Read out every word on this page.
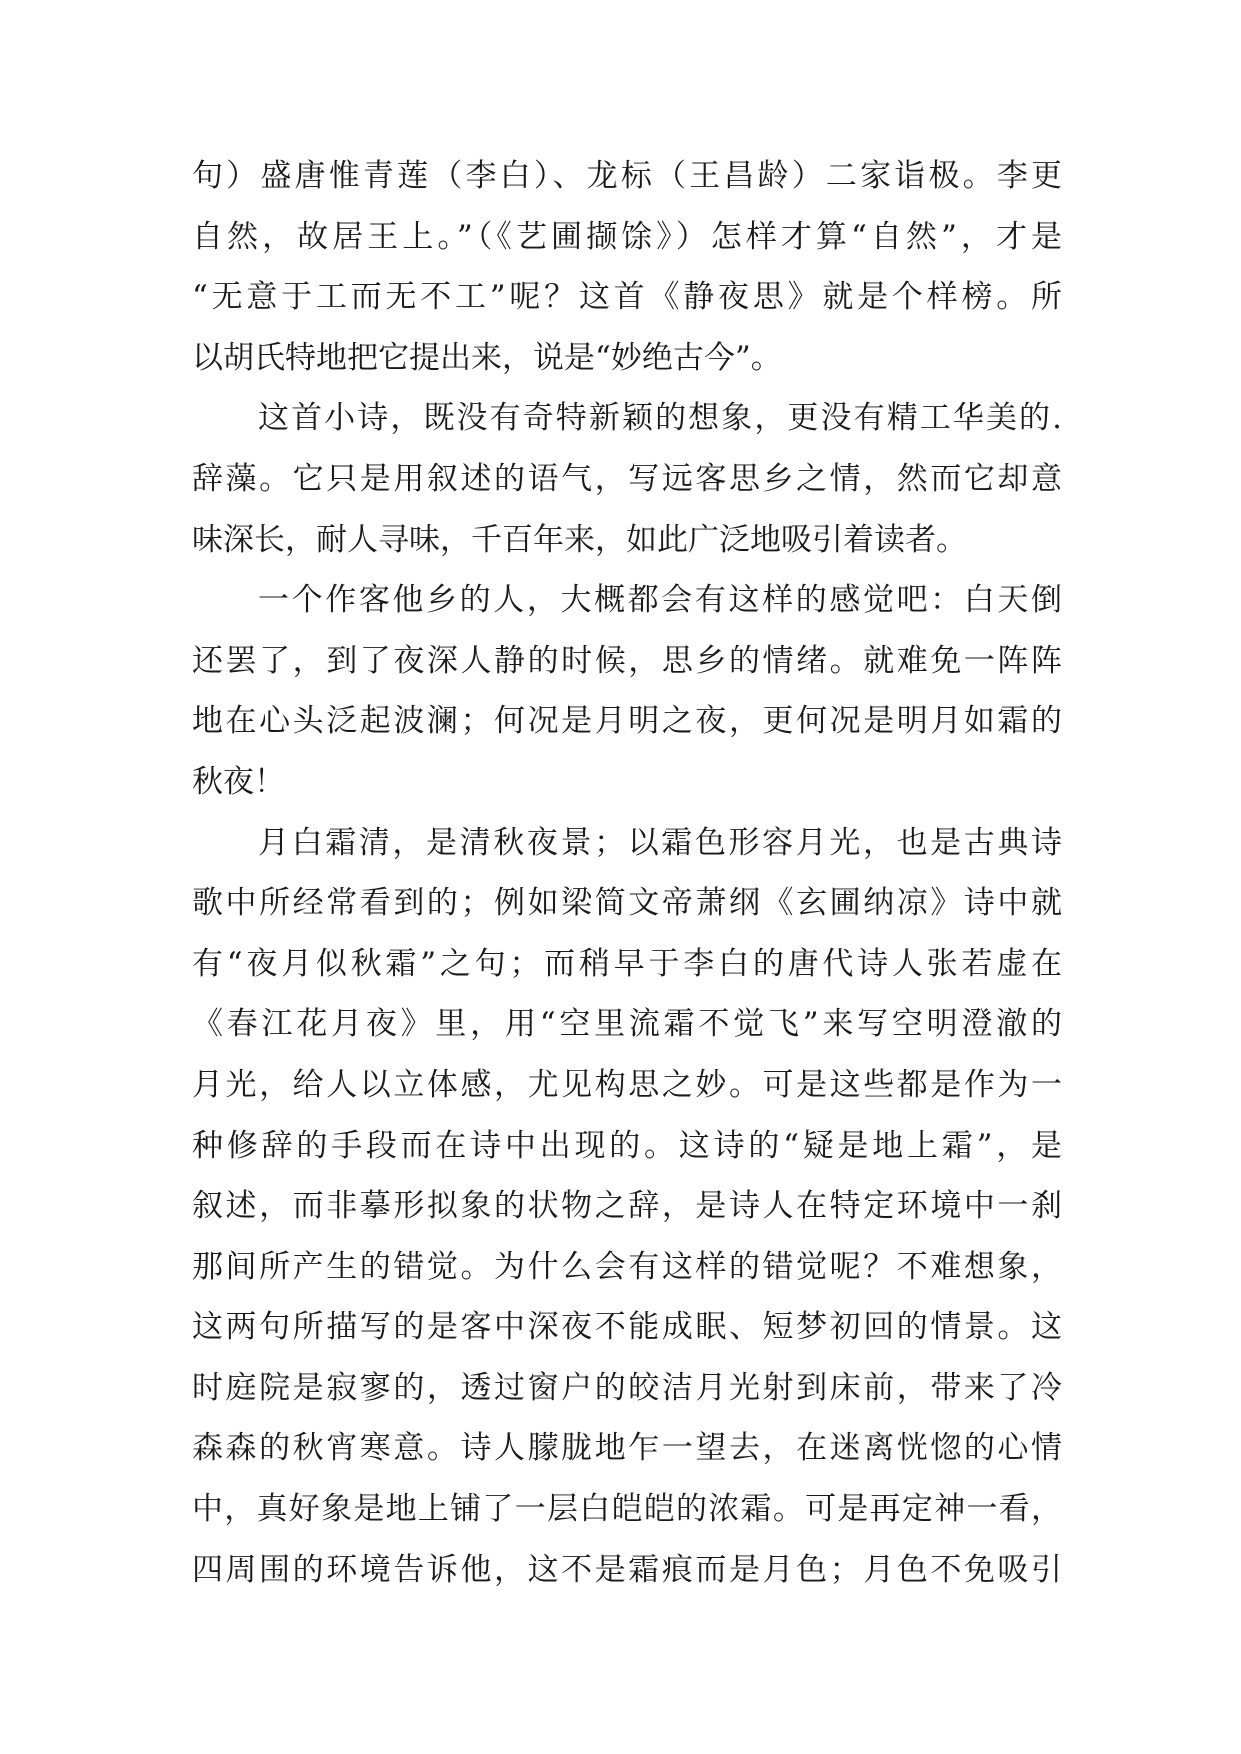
句）盛唐惟青莲（李白）、龙标（王昌龄）二家诣极。李更
自然，故居王上。”（《艺圃撷馀》）怎样才算“自然”，才是
“无意于工而无不工”呢？这首《静夜思》就是个样榜。所
以胡氏特地把它提出来，说是“妙绝古今”。
这首小诗，既没有奇特新颖的想象，更没有精工华美的.
辞藻。它只是用叙述的语气，写远客思乡之情，然而它却意
味深长，耐人寻味，千百年来，如此广泛地吸引着读者。
一个作客他乡的人，大概都会有这样的感觉吧：白天倒
还罢了，到了夜深人静的时候，思乡的情绪。就难免一阵阵
地在心头泛起波澜；何况是月明之夜，更何况是明月如霜的
秋夜！
月白霜清，是清秋夜景；以霜色形容月光，也是古典诗
歌中所经常看到的；例如梁简文帝萧纲《玄圃纳凉》诗中就
有“夜月似秋霜”之句；而稍早于李白的唐代诗人张若虚在
《春江花月夜》里，用“空里流霜不觉飞”来写空明澄澈的
月光，给人以立体感，尤见构思之妙。可是这些都是作为一
种修辞的手段而在诗中出现的。这诗的“疑是地上霜”，是
叙述，而非摹形拟象的状物之辞，是诗人在特定环境中一刹
那间所产生的错觉。为什么会有这样的错觉呢？不难想象，
这两句所描写的是客中深夜不能成眠、短梦初回的情景。这
时庭院是寂寥的，透过窗户的皎洁月光射到床前，带来了冷
森森的秋宵寒意。诗人朦胧地乍一望去，在迷离恍惚的心情
中，真好象是地上铺了一层白皑皑的浓霜。可是再定神一看，
四周围的环境告诉他，这不是霜痕而是月色；月色不免吸引
